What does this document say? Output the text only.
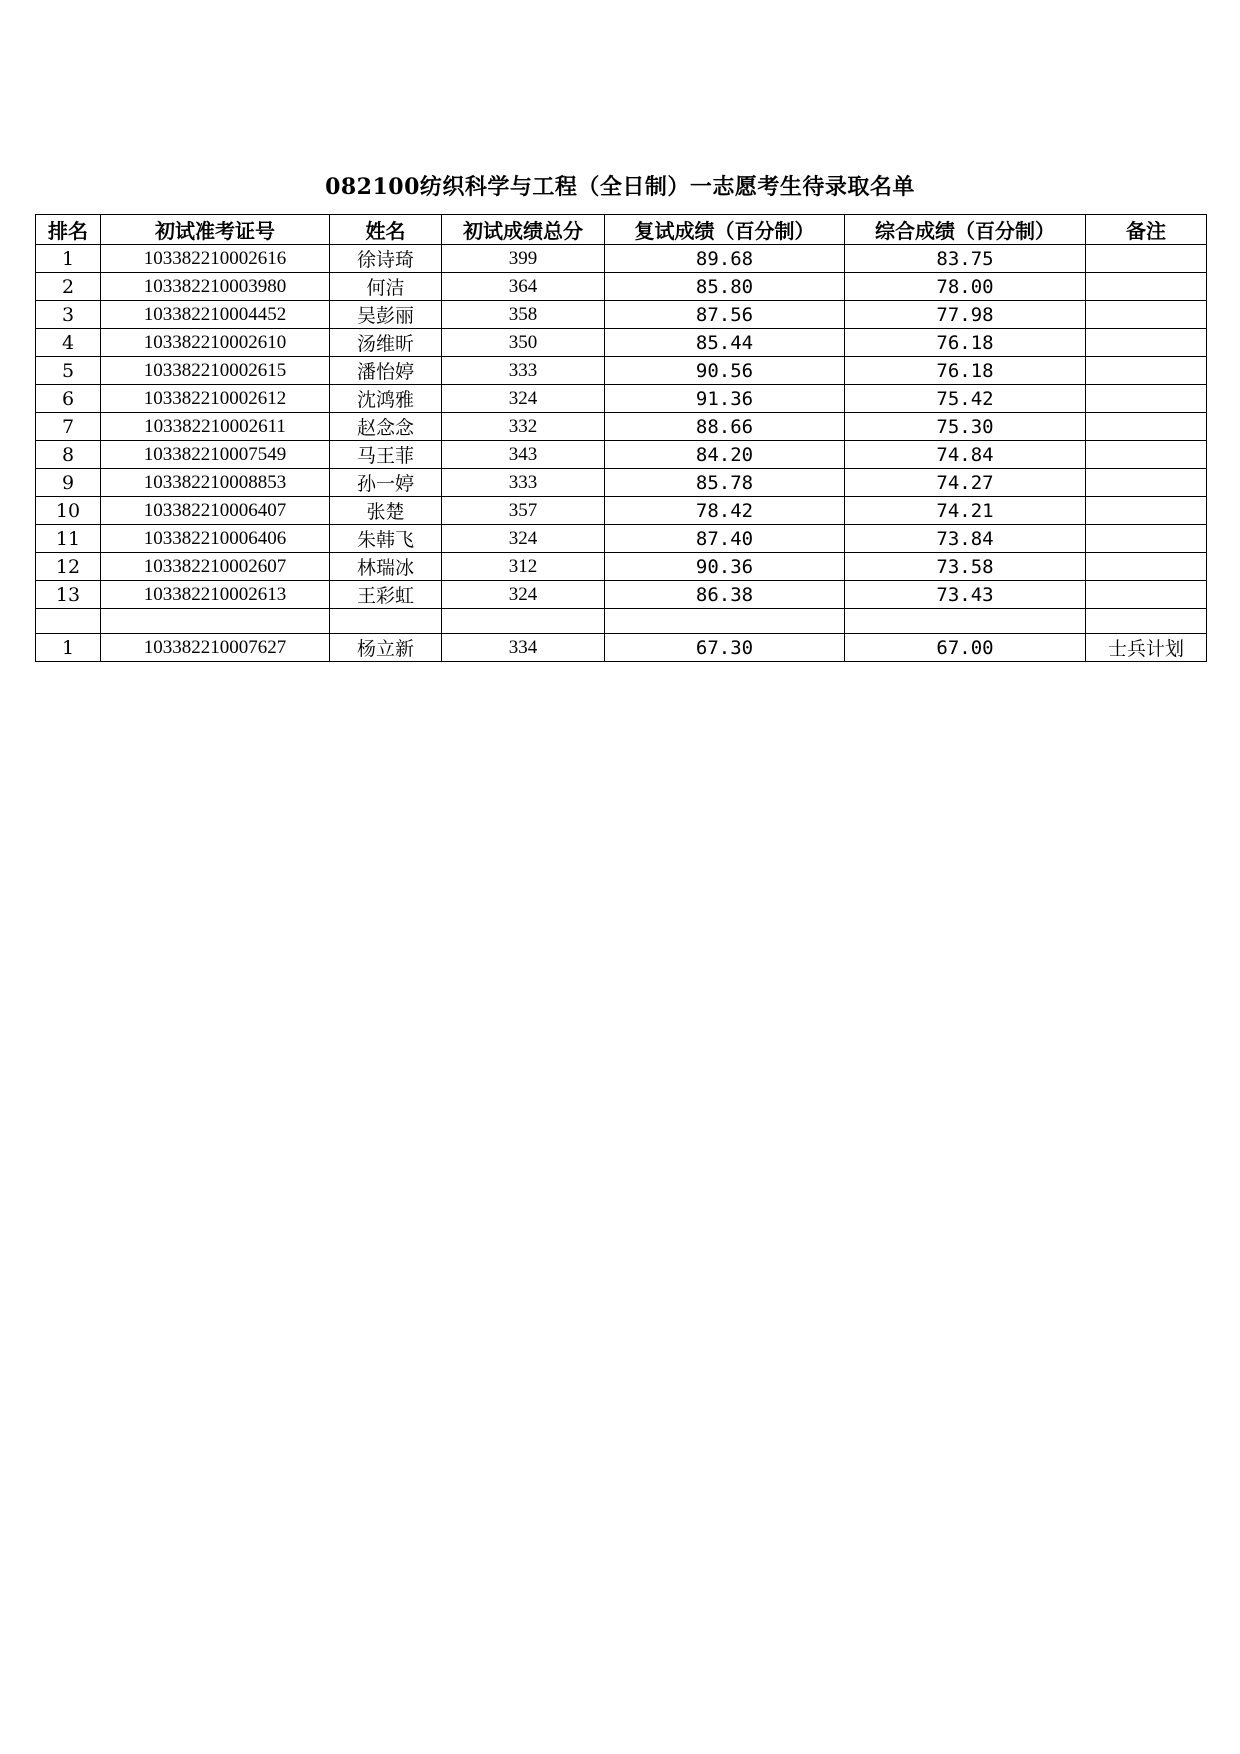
082100纺织科学与工程（全日制）一志愿考生待录取名单
排名	初试准考证号	姓名	初试成绩总分	复试成绩（百分制）	综合成绩（百分制）	备注
1	103382210002616	徐诗琦	399	89.68	83.75	
2	103382210003980	何洁	364	85.80	78.00	
3	103382210004452	吴彭丽	358	87.56	77.98	
4	103382210002610	汤维昕	350	85.44	76.18	
5	103382210002615	潘怡婷	333	90.56	76.18	
6	103382210002612	沈鸿雅	324	91.36	75.42	
7	103382210002611	赵念念	332	88.66	75.30	
8	103382210007549	马王菲	343	84.20	74.84	
9	103382210008853	孙一婷	333	85.78	74.27	
10	103382210006407	张楚	357	78.42	74.21	
11	103382210006406	朱韩飞	324	87.40	73.84	
12	103382210002607	林瑞冰	312	90.36	73.58	
13	103382210002613	王彩虹	324	86.38	73.43	

1	103382210007627	杨立新	334	67.30	67.00	士兵计划
